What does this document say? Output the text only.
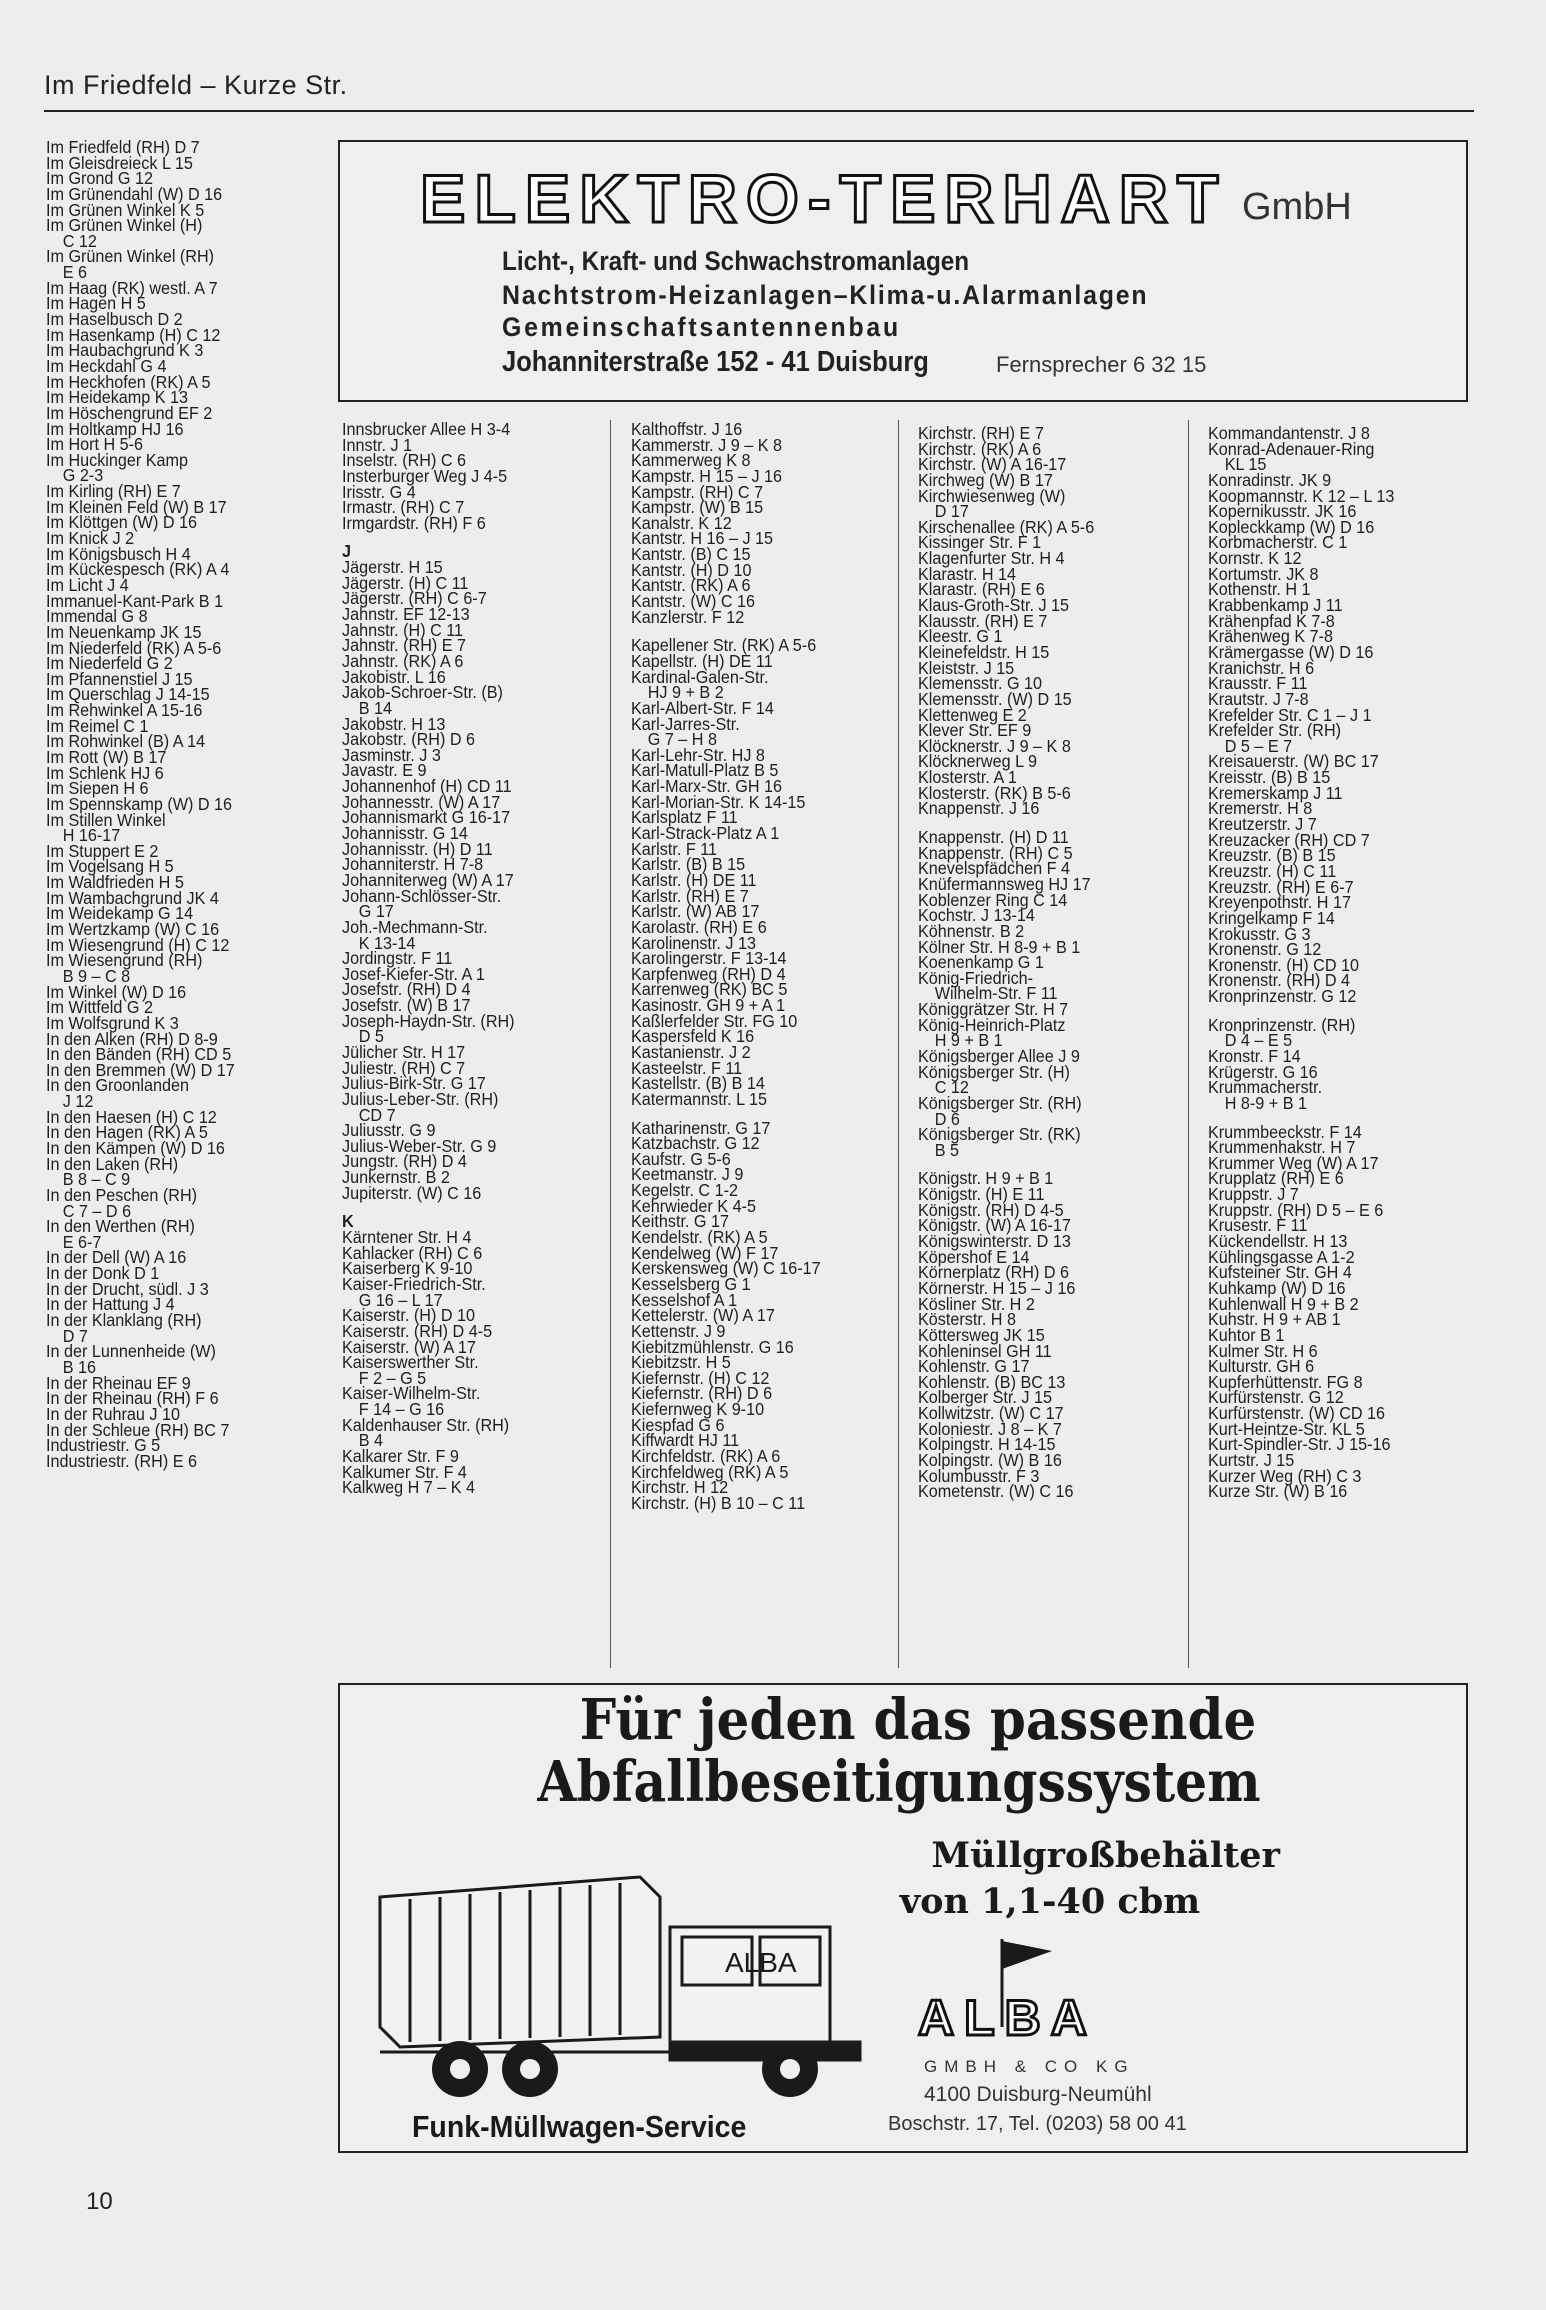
Im Friedfeld – Kurze Str.
Im Friedfeld (RH) D 7
Im Gleisdreieck L 15
Im Grond G 12
Im Grünendahl (W) D 16
Im Grünen Winkel K 5
Im Grünen Winkel (H)
C 12
Im Grünen Winkel (RH)
E 6
Im Haag (RK) westl. A 7
Im Hagen H 5
Im Haselbusch D 2
Im Hasenkamp (H) C 12
Im Haubachgrund K 3
Im Heckdahl G 4
Im Heckhofen (RK) A 5
Im Heidekamp K 13
Im Höschengrund EF 2
Im Holtkamp HJ 16
Im Hort H 5-6
Im Huckinger Kamp
G 2-3
Im Kirling (RH) E 7
Im Kleinen Feld (W) B 17
Im Klöttgen (W) D 16
Im Knick J 2
Im Königsbusch H 4
Im Kückespesch (RK) A 4
Im Licht J 4
Immanuel-Kant-Park B 1
Immendal G 8
Im Neuenkamp JK 15
Im Niederfeld (RK) A 5-6
Im Niederfeld G 2
Im Pfannenstiel J 15
Im Querschlag J 14-15
Im Rehwinkel A 15-16
Im Reimel C 1
Im Rohwinkel (B) A 14
Im Rott (W) B 17
Im Schlenk HJ 6
Im Siepen H 6
Im Spennskamp (W) D 16
Im Stillen Winkel
H 16-17
Im Stuppert E 2
Im Vogelsang H 5
Im Waldfrieden H 5
Im Wambachgrund JK 4
Im Weidekamp G 14
Im Wertzkamp (W) C 16
Im Wiesengrund (H) C 12
Im Wiesengrund (RH)
B 9 – C 8
Im Winkel (W) D 16
Im Wittfeld G 2
Im Wolfsgrund K 3
In den Alken (RH) D 8-9
In den Bänden (RH) CD 5
In den Bremmen (W) D 17
In den Groonlanden
J 12
In den Haesen (H) C 12
In den Hagen (RK) A 5
In den Kämpen (W) D 16
In den Laken (RH)
B 8 – C 9
In den Peschen (RH)
C 7 – D 6
In den Werthen (RH)
E 6-7
In der Dell (W) A 16
In der Donk D 1
In der Drucht, südl. J 3
In der Hattung J 4
In der Klanklang (RH)
D 7
In der Lunnenheide (W)
B 16
In der Rheinau EF 9
In der Rheinau (RH) F 6
In der Ruhrau J 10
In der Schleue (RH) BC 7
Industriestr. G 5
Industriestr. (RH) E 6
ELEKTRO-TERHART GmbH
Licht-, Kraft- und Schwachstromanlagen
Nachtstrom-Heizanlagen–Klima-u.Alarmanlagen
Gemeinschaftsantennenbau
Johanniterstraße 152 - 41 Duisburg	Fernsprecher 6 32 15
Innsbrucker Allee H 3-4
Innstr. J 1
Inselstr. (RH) C 6
Insterburger Weg J 4-5
Irisstr. G 4
Irmastr. (RH) C 7
Irmgardstr. (RH) F 6
J
Jägerstr. H 15
Jägerstr. (H) C 11
Jägerstr. (RH) C 6-7
Jahnstr. EF 12-13
Jahnstr. (H) C 11
Jahnstr. (RH) E 7
Jahnstr. (RK) A 6
Jakobistr. L 16
Jakob-Schroer-Str. (B)
B 14
Jakobstr. H 13
Jakobstr. (RH) D 6
Jasminstr. J 3
Javastr. E 9
Johannenhof (H) CD 11
Johannesstr. (W) A 17
Johannismarkt G 16-17
Johannisstr. G 14
Johannisstr. (H) D 11
Johanniterstr. H 7-8
Johanniterweg (W) A 17
Johann-Schlösser-Str.
G 17
Joh.-Mechmann-Str.
K 13-14
Jordingstr. F 11
Josef-Kiefer-Str. A 1
Josefstr. (RH) D 4
Josefstr. (W) B 17
Joseph-Haydn-Str. (RH)
D 5
Jülicher Str. H 17
Juliestr. (RH) C 7
Julius-Birk-Str. G 17
Julius-Leber-Str. (RH)
CD 7
Juliusstr. G 9
Julius-Weber-Str. G 9
Jungstr. (RH) D 4
Junkernstr. B 2
Jupiterstr. (W) C 16
K
Kärntener Str. H 4
Kahlacker (RH) C 6
Kaiserberg K 9-10
Kaiser-Friedrich-Str.
G 16 – L 17
Kaiserstr. (H) D 10
Kaiserstr. (RH) D 4-5
Kaiserstr. (W) A 17
Kaiserswerther Str.
F 2 – G 5
Kaiser-Wilhelm-Str.
F 14 – G 16
Kaldenhauser Str. (RH)
B 4
Kalkarer Str. F 9
Kalkumer Str. F 4
Kalkweg H 7 – K 4
Kalthoffstr. J 16
Kammerstr. J 9 – K 8
Kammerweg K 8
Kampstr. H 15 – J 16
Kampstr. (RH) C 7
Kampstr. (W) B 15
Kanalstr. K 12
Kantstr. H 16 – J 15
Kantstr. (B) C 15
Kantstr. (H) D 10
Kantstr. (RK) A 6
Kantstr. (W) C 16
Kanzlerstr. F 12
Kapellener Str. (RK) A 5-6
Kapellstr. (H) DE 11
Kardinal-Galen-Str.
HJ 9 + B 2
Karl-Albert-Str. F 14
Karl-Jarres-Str.
G 7 – H 8
Karl-Lehr-Str. HJ 8
Karl-Matull-Platz B 5
Karl-Marx-Str. GH 16
Karl-Morian-Str. K 14-15
Karlsplatz F 11
Karl-Strack-Platz A 1
Karlstr. F 11
Karlstr. (B) B 15
Karlstr. (H) DE 11
Karlstr. (RH) E 7
Karlstr. (W) AB 17
Karolastr. (RH) E 6
Karolinenstr. J 13
Karolingerstr. F 13-14
Karpfenweg (RH) D 4
Karrenweg (RK) BC 5
Kasinostr. GH 9 + A 1
Kaßlerfelder Str. FG 10
Kaspersfeld K 16
Kastanienstr. J 2
Kasteelstr. F 11
Kastellstr. (B) B 14
Katermannstr. L 15
Katharinenstr. G 17
Katzbachstr. G 12
Kaufstr. G 5-6
Keetmanstr. J 9
Kegelstr. C 1-2
Kehrwieder K 4-5
Keithstr. G 17
Kendelstr. (RK) A 5
Kendelweg (W) F 17
Kerskensweg (W) C 16-17
Kesselsberg G 1
Kesselshof A 1
Kettelerstr. (W) A 17
Kettenstr. J 9
Kiebitzmühlenstr. G 16
Kiebitzstr. H 5
Kiefernstr. (H) C 12
Kiefernstr. (RH) D 6
Kiefernweg K 9-10
Kiespfad G 6
Kiffwardt HJ 11
Kirchfeldstr. (RK) A 6
Kirchfeldweg (RK) A 5
Kirchstr. H 12
Kirchstr. (H) B 10 – C 11
Kirchstr. (RH) E 7
Kirchstr. (RK) A 6
Kirchstr. (W) A 16-17
Kirchweg (W) B 17
Kirchwiesenweg (W)
D 17
Kirschenallee (RK) A 5-6
Kissinger Str. F 1
Klagenfurter Str. H 4
Klarastr. H 14
Klarastr. (RH) E 6
Klaus-Groth-Str. J 15
Klausstr. (RH) E 7
Kleestr. G 1
Kleinefeldstr. H 15
Kleiststr. J 15
Klemensstr. G 10
Klemensstr. (W) D 15
Klettenweg E 2
Klever Str. EF 9
Klöcknerstr. J 9 – K 8
Klöcknerweg L 9
Klosterstr. A 1
Klosterstr. (RK) B 5-6
Knappenstr. J 16
Knappenstr. (H) D 11
Knappenstr. (RH) C 5
Knevelspfädchen F 4
Knüfermannsweg HJ 17
Koblenzer Ring C 14
Kochstr. J 13-14
Köhnenstr. B 2
Kölner Str. H 8-9 + B 1
Koenenkamp G 1
König-Friedrich-
Wilhelm-Str. F 11
Königgrätzer Str. H 7
König-Heinrich-Platz
H 9 + B 1
Königsberger Allee J 9
Königsberger Str. (H)
C 12
Königsberger Str. (RH)
D 6
Königsberger Str. (RK)
B 5
Königstr. H 9 + B 1
Königstr. (H) E 11
Königstr. (RH) D 4-5
Königstr. (W) A 16-17
Königswinterstr. D 13
Köpershof E 14
Körnerplatz (RH) D 6
Körnerstr. H 15 – J 16
Kösliner Str. H 2
Kösterstr. H 8
Köttersweg JK 15
Kohleninsel GH 11
Kohlenstr. G 17
Kohlenstr. (B) BC 13
Kolberger Str. J 15
Kollwitzstr. (W) C 17
Koloniestr. J 8 – K 7
Kolpingstr. H 14-15
Kolpingstr. (W) B 16
Kolumbusstr. F 3
Kometenstr. (W) C 16
Kommandantenstr. J 8
Konrad-Adenauer-Ring
KL 15
Konradinstr. JK 9
Koopmannstr. K 12 – L 13
Kopernikusstr. JK 16
Kopleckkamp (W) D 16
Korbmacherstr. C 1
Kornstr. K 12
Kortumstr. JK 8
Kothenstr. H 1
Krabbenkamp J 11
Krähenpfad K 7-8
Krähenweg K 7-8
Krämergasse (W) D 16
Kranichstr. H 6
Krausstr. F 11
Krautstr. J 7-8
Krefelder Str. C 1 – J 1
Krefelder Str. (RH)
D 5 – E 7
Kreisauerstr. (W) BC 17
Kreisstr. (B) B 15
Kremerskamp J 11
Kremerstr. H 8
Kreutzerstr. J 7
Kreuzacker (RH) CD 7
Kreuzstr. (B) B 15
Kreuzstr. (H) C 11
Kreuzstr. (RH) E 6-7
Kreyenpothstr. H 17
Kringelkamp F 14
Krokusstr. G 3
Kronenstr. G 12
Kronenstr. (H) CD 10
Kronenstr. (RH) D 4
Kronprinzenstr. G 12
Kronprinzenstr. (RH)
D 4 – E 5
Kronstr. F 14
Krügerstr. G 16
Krummacherstr.
H 8-9 + B 1
Krummbeeckstr. F 14
Krummenhakstr. H 7
Krummer Weg (W) A 17
Krupplatz (RH) E 6
Kruppstr. J 7
Kruppstr. (RH) D 5 – E 6
Krusestr. F 11
Kückendellstr. H 13
Kühlingsgasse A 1-2
Kufsteiner Str. GH 4
Kuhkamp (W) D 16
Kuhlenwall H 9 + B 2
Kuhstr. H 9 + AB 1
Kuhtor B 1
Kulmer Str. H 6
Kulturstr. GH 6
Kupferhüttenstr. FG 8
Kurfürstenstr. G 12
Kurfürstenstr. (W) CD 16
Kurt-Heintze-Str. KL 5
Kurt-Spindler-Str. J 15-16
Kurtstr. J 15
Kurzer Weg (RH) C 3
Kurze Str. (W) B 16
Für jeden das passende
Abfallbeseitigungssystem
ALBA
Müllgroßbehälter
von 1,1-40 cbm
ALBA
GMBH & CO KG
4100 Duisburg-Neumühl
Boschstr. 17, Tel. (0203) 58 00 41
Funk-Müllwagen-Service
10
